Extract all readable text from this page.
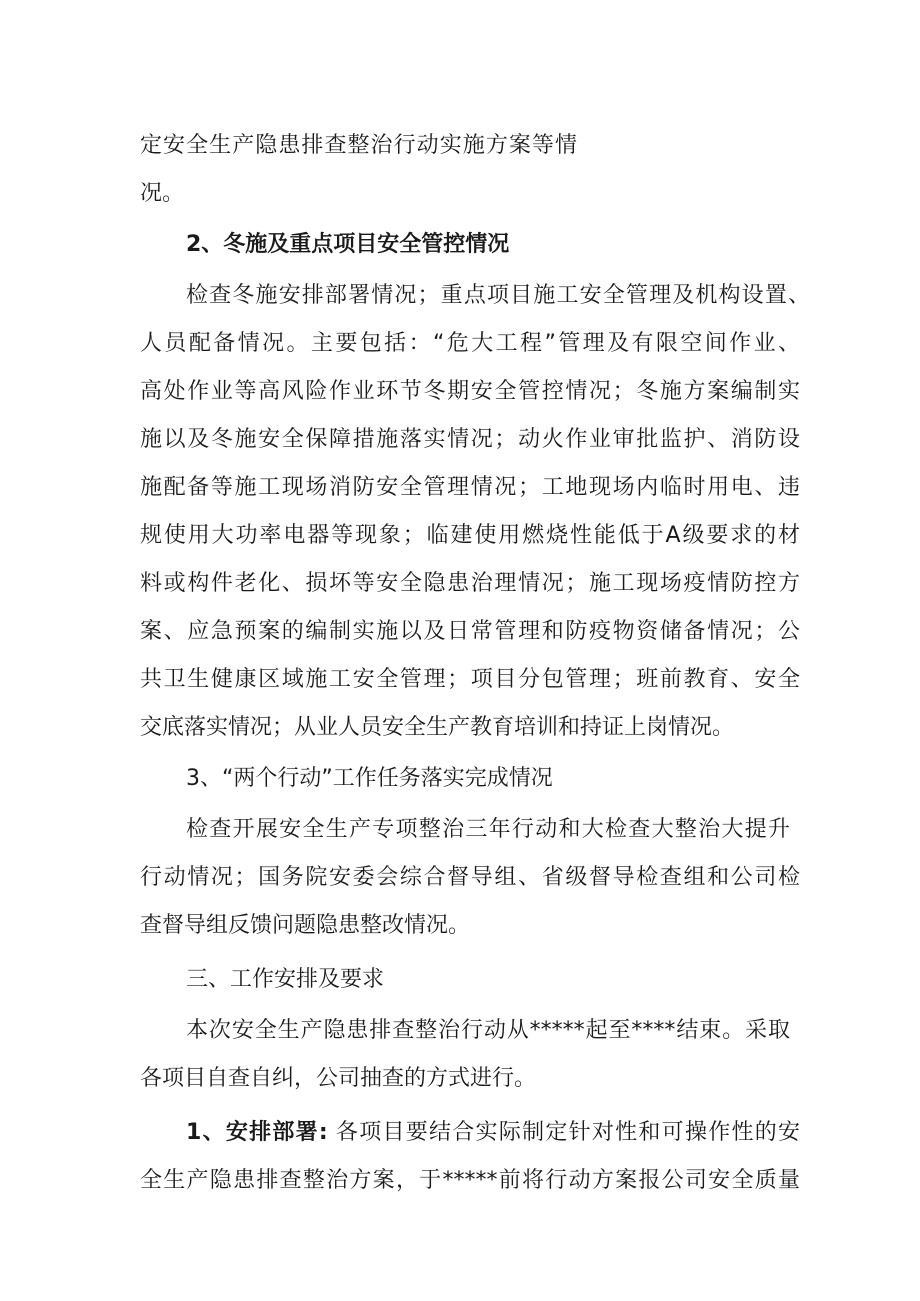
定安全生产隐患排查整治行动实施方案等情
况。
2、冬施及重点项目安全管控情况
检查冬施安排部署情况；重点项目施工安全管理及机构设置、
人员配备情况。主要包括：“危大工程”管理及有限空间作业、
高处作业等高风险作业环节冬期安全管控情况；冬施方案编制实
施以及冬施安全保障措施落实情况；动火作业审批监护、消防设
施配备等施工现场消防安全管理情况；工地现场内临时用电、违
规使用大功率电器等现象；临建使用燃烧性能低于A级要求的材
料或构件老化、损坏等安全隐患治理情况；施工现场疫情防控方
案、应急预案的编制实施以及日常管理和防疫物资储备情况；公
共卫生健康区域施工安全管理；项目分包管理；班前教育、安全
交底落实情况；从业人员安全生产教育培训和持证上岗情况。
3、“两个行动”工作任务落实完成情况
检查开展安全生产专项整治三年行动和大检查大整治大提升
行动情况；国务院安委会综合督导组、省级督导检查组和公司检
查督导组反馈问题隐患整改情况。
三、工作安排及要求
本次安全生产隐患排查整治行动从*****起至****结束。采取
各项目自查自纠，公司抽查的方式进行。
1、安排部署: 各项目要结合实际制定针对性和可操作性的安
全生产隐患排查整治方案，于*****前将行动方案报公司安全质量
